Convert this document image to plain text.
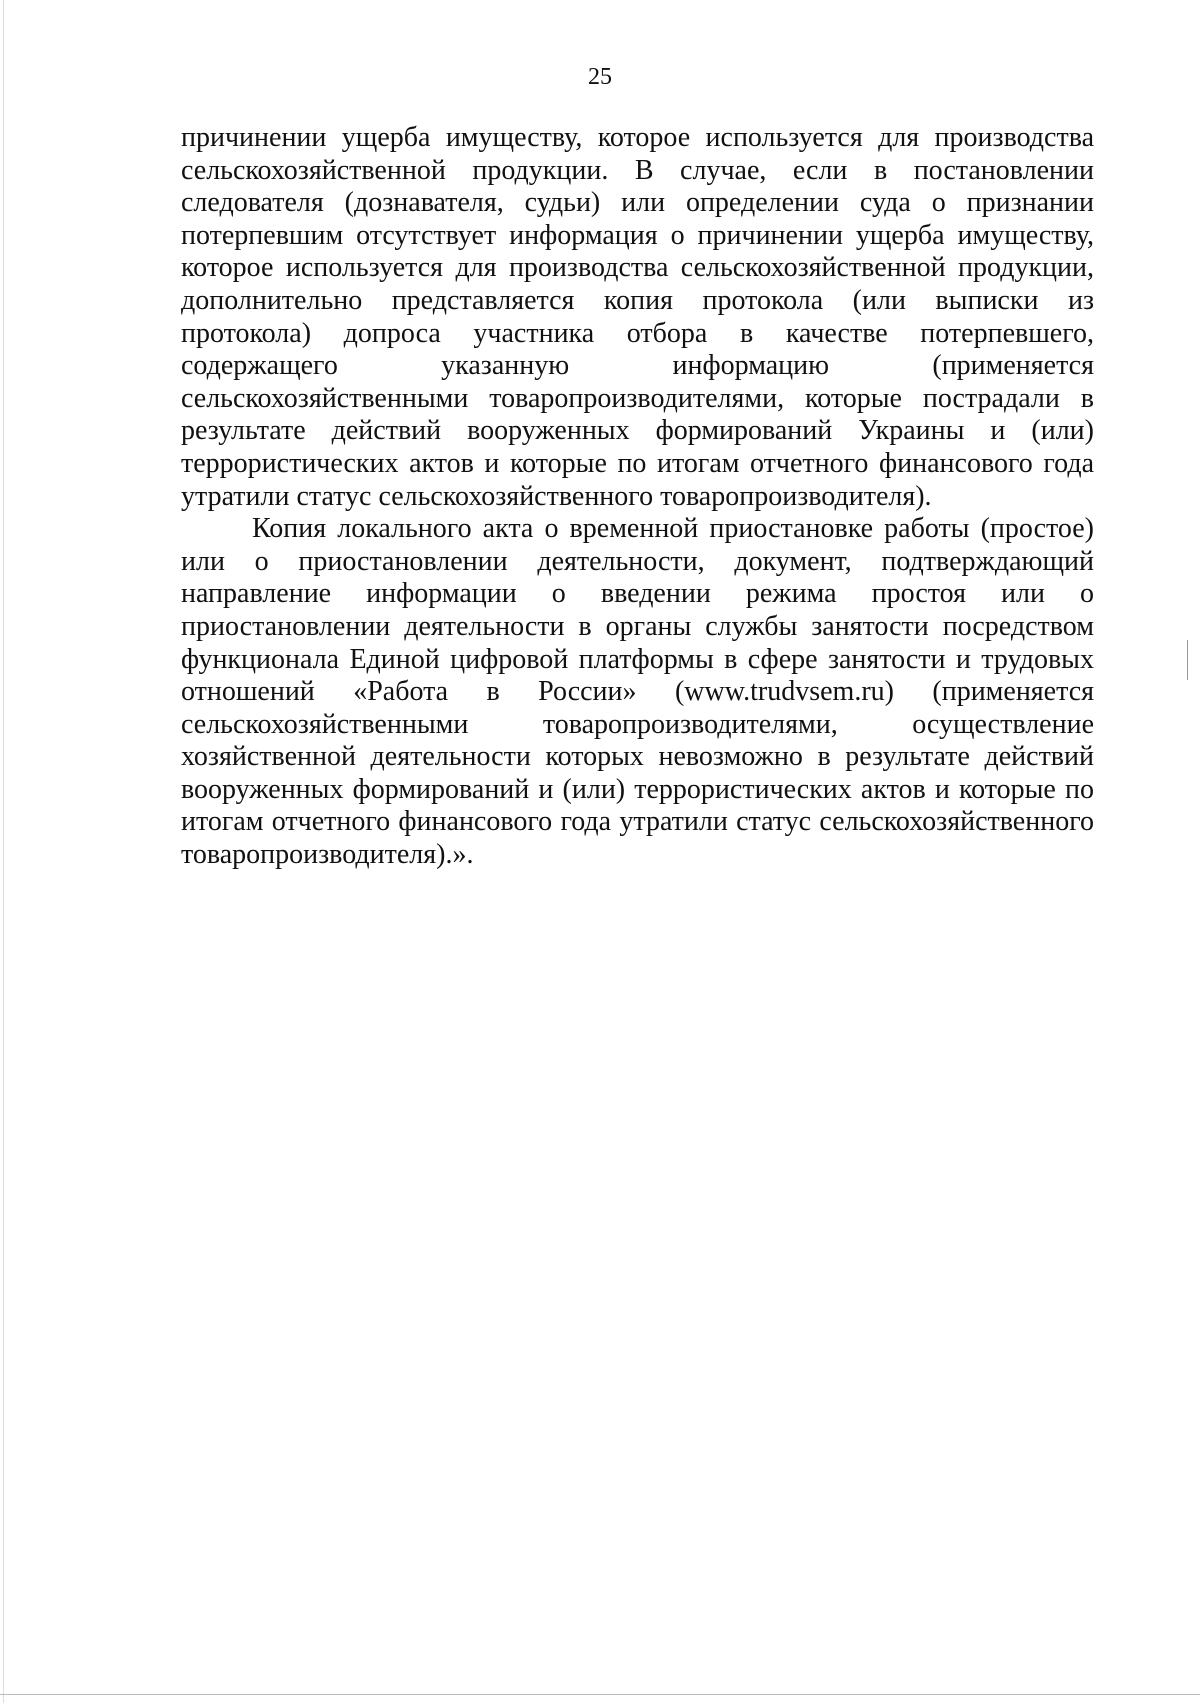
25

причинении ущерба имуществу, которое используется для производства сельскохозяйственной продукции. В случае, если в постановлении следователя (дознавателя, судьи) или определении суда о признании потерпевшим отсутствует информация о причинении ущерба имуществу, которое используется для производства сельскохозяйственной продукции, дополнительно представляется копия протокола (или выписки из протокола) допроса участника отбора в качестве потерпевшего, содержащего указанную информацию (применяется сельскохозяйственными товаропроизводителями, которые пострадали в результате действий вооруженных формирований Украины и (или) террористических актов и которые по итогам отчетного финансового года утратили статус сельскохозяйственного товаропроизводителя).

Копия локального акта о временной приостановке работы (простое) или о приостановлении деятельности, документ, подтверждающий направление информации о введении режима простоя или о приостановлении деятельности в органы службы занятости посредством функционала Единой цифровой платформы в сфере занятости и трудовых отношений «Работа в России» (www.trudvsem.ru) (применяется сельскохозяйственными товаропроизводителями, осуществление хозяйственной деятельности которых невозможно в результате действий вооруженных формирований и (или) террористических актов и которые по итогам отчетного финансового года утратили статус сельскохозяйственного товаропроизводителя).».
